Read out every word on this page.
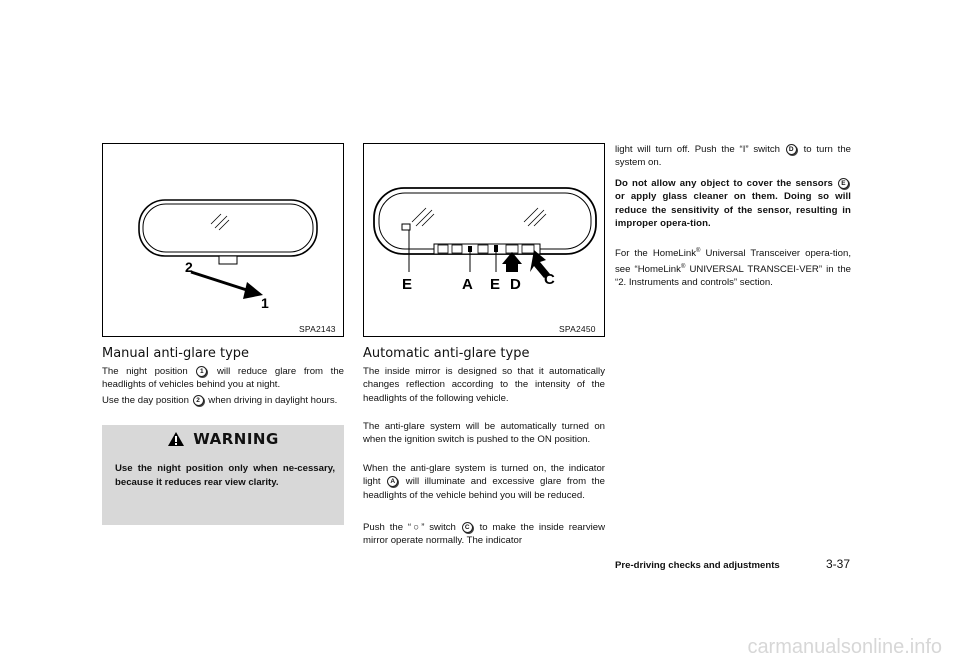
2
1
SPA2143
E	A E D C
SPA2450
Manual anti-glare type
The night position 1 will reduce glare from the headlights of vehicles behind you at night.
Use the day position 2 when driving in daylight hours.
WARNING
Use the night position only when ne-cessary, because it reduces rear view clarity.
Automatic anti-glare type
The inside mirror is designed so that it automatically changes reflection according to the intensity of the headlights of the following vehicle.
The anti-glare system will be automatically turned on when the ignition switch is pushed to the ON position.
When the anti-glare system is turned on, the indicator light A will illuminate and excessive glare from the headlights of the vehicle behind you will be reduced.
Push the “○” switch C to make the inside rearview mirror operate normally. The indicator
light will turn off. Push the “I” switch D to turn the system on.
Do not allow any object to cover the sensors E or apply glass cleaner on them. Doing so will reduce the sensitivity of the sensor, resulting in improper opera-tion.
For the HomeLink® Universal Transceiver opera-tion, see “HomeLink® UNIVERSAL TRANSCEI-VER” in the “2. Instruments and controls” section.
Pre-driving checks and adjustments	3-37
carmanualsonline.info
